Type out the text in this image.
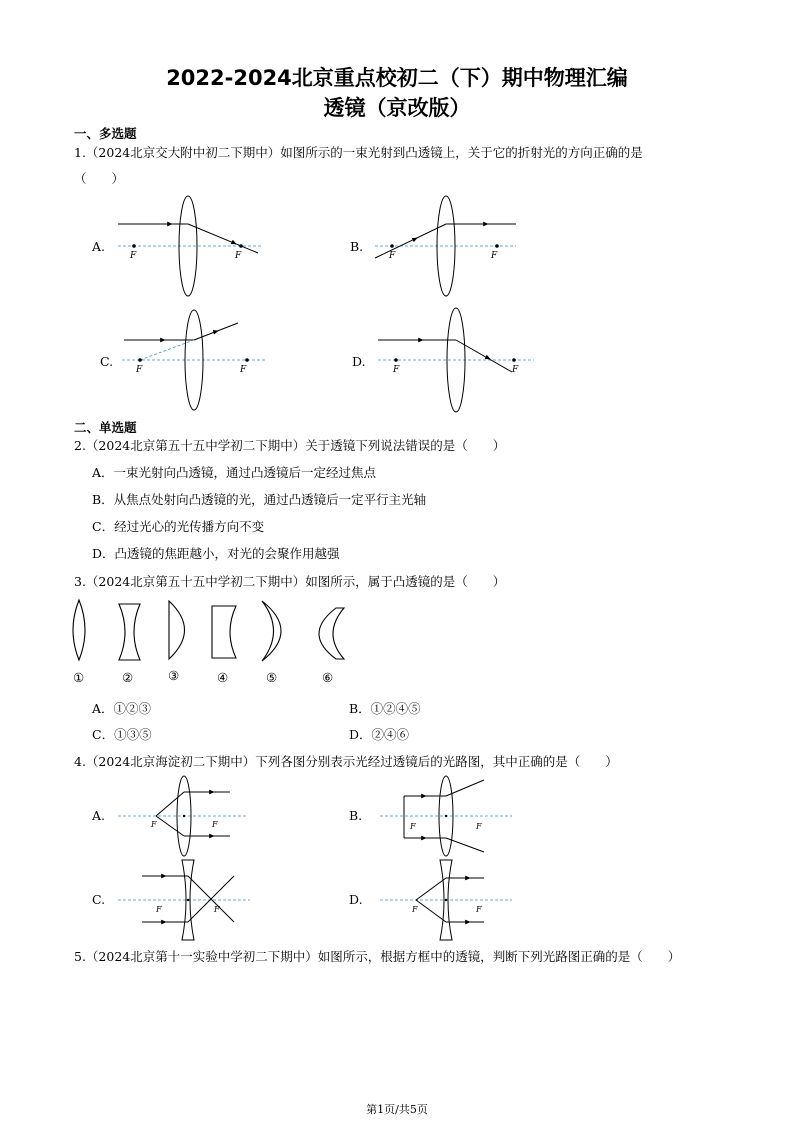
2022-2024北京重点校初二（下）期中物理汇编
透镜（京改版）
一、多选题
1.（2024北京交大附中初二下期中）如图所示的一束光射到凸透镜上，关于它的折射光的方向正确的是
（　　）
A.	B.
C.	D.
F	F	F	F
F	F	F	F
F	F	F	F
F	F	F	F
二、单选题
2.（2024北京第五十五中学初二下期中）关于透镜下列说法错误的是（　　）
A．一束光射向凸透镜，通过凸透镜后一定经过焦点
B．从焦点处射向凸透镜的光，通过凸透镜后一定平行主光轴
C．经过光心的光传播方向不变
D．凸透镜的焦距越小，对光的会聚作用越强
3.（2024北京第五十五中学初二下期中）如图所示，属于凸透镜的是（　　）
①	②	③	④	⑤	⑥
A．①②③	B．①②④⑤
C．①③⑤	D．②④⑥
4.（2024北京海淀初二下期中）下列各图分别表示光经过透镜后的光路图，其中正确的是（　　）
A.	B.
C.	D.
5.（2024北京第十一实验中学初二下期中）如图所示，根据方框中的透镜，判断下列光路图正确的是（　　）
第1页/共5页
